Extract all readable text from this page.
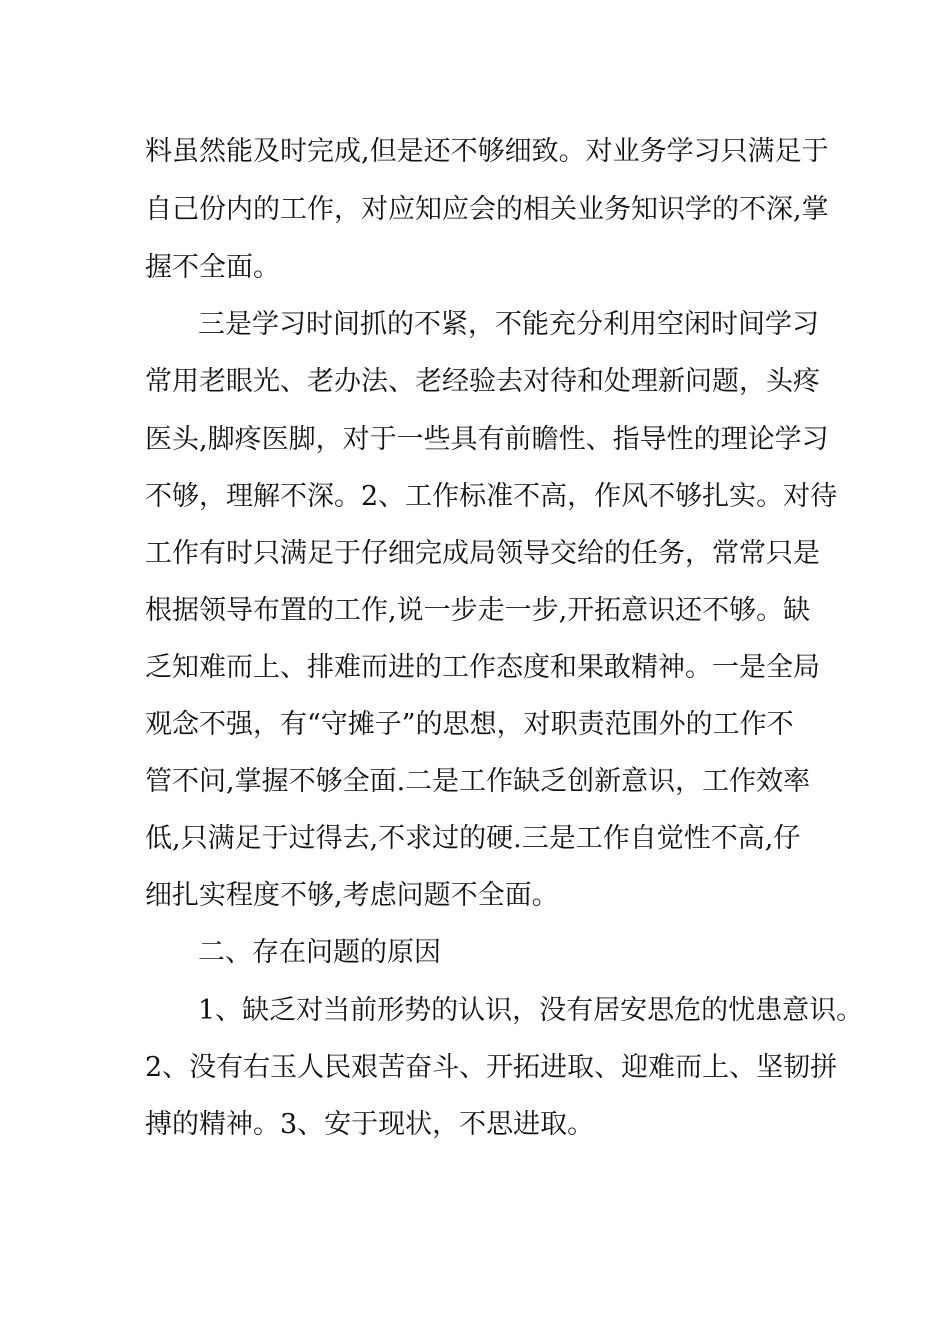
料虽然能及时完成,但是还不够细致。对业务学习只满足于

自己份内的工作，对应知应会的相关业务知识学的不深,掌

握不全面。

三是学习时间抓的不紧，不能充分利用空闲时间学习

常用老眼光、老办法、老经验去对待和处理新问题，头疼

医头,脚疼医脚，对于一些具有前瞻性、指导性的理论学习

不够，理解不深。2、工作标准不高，作风不够扎实。对待

工作有时只满足于仔细完成局领导交给的任务，常常只是

根据领导布置的工作,说一步走一步,开拓意识还不够。缺

乏知难而上、排难而进的工作态度和果敢精神。一是全局

观念不强，有“守摊子”的思想，对职责范围外的工作不

管不问,掌握不够全面.二是工作缺乏创新意识，工作效率

低,只满足于过得去,不求过的硬.三是工作自觉性不高,仔

细扎实程度不够,考虑问题不全面。

二、存在问题的原因

1、缺乏对当前形势的认识，没有居安思危的忧患意识。

2、没有右玉人民艰苦奋斗、开拓进取、迎难而上、坚韧拼

搏的精神。3、安于现状，不思进取。
